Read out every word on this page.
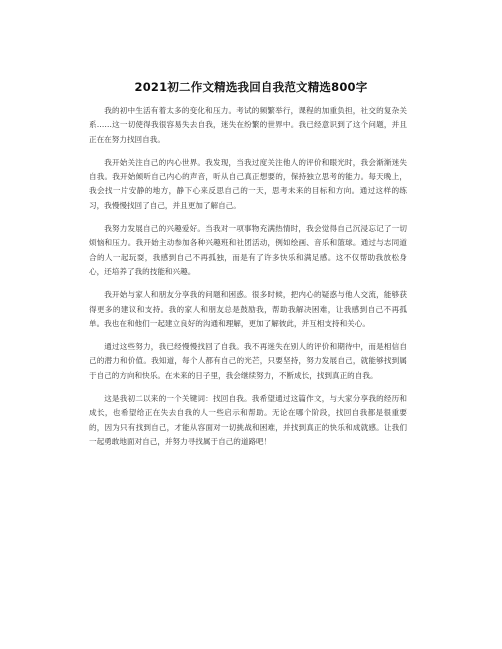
2021初二作文精选我回自我范文精选800字

我的初中生活有着太多的变化和压力。考试的频繁举行，课程的加重负担，社交的复杂关系……这一切使得我很容易失去自我，迷失在纷繁的世界中。我已经意识到了这个问题，并且正在在努力找回自我。

我开始关注自己的内心世界。我发现，当我过度关注他人的评价和眼光时，我会渐渐迷失自我。我开始倾听自己内心的声音，听从自己真正想要的，保持独立思考的能力。每天晚上，我会找一片安静的地方，静下心来反思自己的一天，思考未来的目标和方向。通过这样的练习，我慢慢找回了自己，并且更加了解自己。

我努力发展自己的兴趣爱好。当我对一项事物充满热情时，我会觉得自己沉浸忘记了一切烦恼和压力。我开始主动参加各种兴趣班和社团活动，例如绘画、音乐和篮球。通过与志同道合的人一起玩耍，我感到自己不再孤独，而是有了许多快乐和满足感。这不仅帮助我放松身心，还培养了我的技能和兴趣。

我开始与家人和朋友分享我的问题和困惑。很多时候，把内心的疑惑与他人交流，能够获得更多的建议和支持。我的家人和朋友总是鼓励我，帮助我解决困难，让我感到自己不再孤单。我也在和他们一起建立良好的沟通和理解，更加了解彼此，并互相支持和关心。

通过这些努力，我已经慢慢找回了自我。我不再迷失在别人的评价和期待中，而是相信自己的潜力和价值。我知道，每个人都有自己的光芒，只要坚持，努力发展自己，就能够找到属于自己的方向和快乐。在未来的日子里，我会继续努力，不断成长，找到真正的自我。

这是我初二以来的一个关键词：找回自我。我希望通过这篇作文，与大家分享我的经历和成长，也希望给正在失去自我的人一些启示和帮助。无论在哪个阶段，找回自我都是很重要的，因为只有找到自己，才能从容面对一切挑战和困难，并找到真正的快乐和成就感。让我们一起勇敢地面对自己，并努力寻找属于自己的道路吧！
